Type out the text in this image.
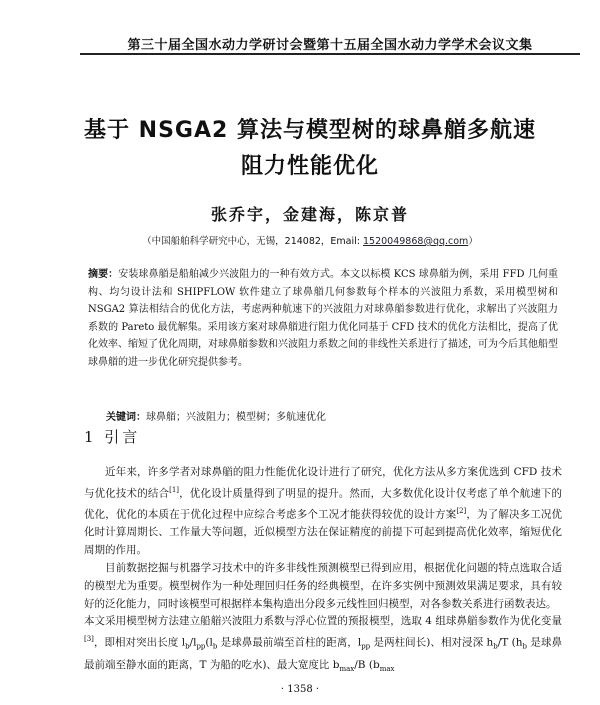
第三十届全国水动力学研讨会暨第十五届全国水动力学学术会议文集
基于 NSGA2 算法与模型树的球鼻艏多航速
阻力性能优化
张乔宇，金建海，陈京普
（中国船舶科学研究中心，无锡，214082，Email: 1520049868@qq.com）
摘要：安装球鼻艏是船舶减少兴波阻力的一种有效方式。本文以标模 KCS 球鼻艏为例，采用 FFD 几何重构、均匀设计法和 SHIPFLOW 软件建立了球鼻艏几何参数每个样本的兴波阻力系数，采用模型树和 NSGA2 算法相结合的优化方法，考虑两种航速下的兴波阻力对球鼻艏参数进行优化，求解出了兴波阻力系数的 Pareto 最优解集。采用该方案对球鼻艏进行阻力优化同基于 CFD 技术的优化方法相比，提高了优化效率、缩短了优化周期，对球鼻艏参数和兴波阻力系数之间的非线性关系进行了描述，可为今后其他船型球鼻艏的进一步优化研究提供参考。
关键词：球鼻艏；兴波阻力；模型树；多航速优化
1 引言

近年来，许多学者对球鼻艏的阻力性能优化设计进行了研究，优化方法从多方案优选到 CFD 技术与优化技术的结合[1]，优化设计质量得到了明显的提升。然而，大多数优化设计仅考虑了单个航速下的优化，优化的本质在于优化过程中应综合考虑多个工况才能获得较优的设计方案[2]，为了解决多工况优化时计算周期长、工作量大等问题，近似模型方法在保证精度的前提下可起到提高优化效率，缩短优化周期的作用。

目前数据挖掘与机器学习技术中的许多非线性预测模型已得到应用，根据优化问题的特点选取合适的模型尤为重要。模型树作为一种处理回归任务的经典模型，在许多实例中预测效果满足要求，具有较好的泛化能力，同时该模型可根据样本集构造出分段多元线性回归模型，对各参数关系进行函数表达。

本文采用模型树方法建立船艏兴波阻力系数与浮心位置的预报模型，选取 4 组球鼻艏参数作为优化变量[3]，即相对突出长度 $l_b/l_{pp}(l_b$ 是球鼻最前端至首柱的距离，$l_{pp}$ 是两柱间长)、相对浸深 $h_b/T$ ($h_b$ 是球鼻最前端至静水面的距离，T 为船的吃水)、最大宽度比 $b_{max}/B$ ($b_{max}$

· 1358 ·
